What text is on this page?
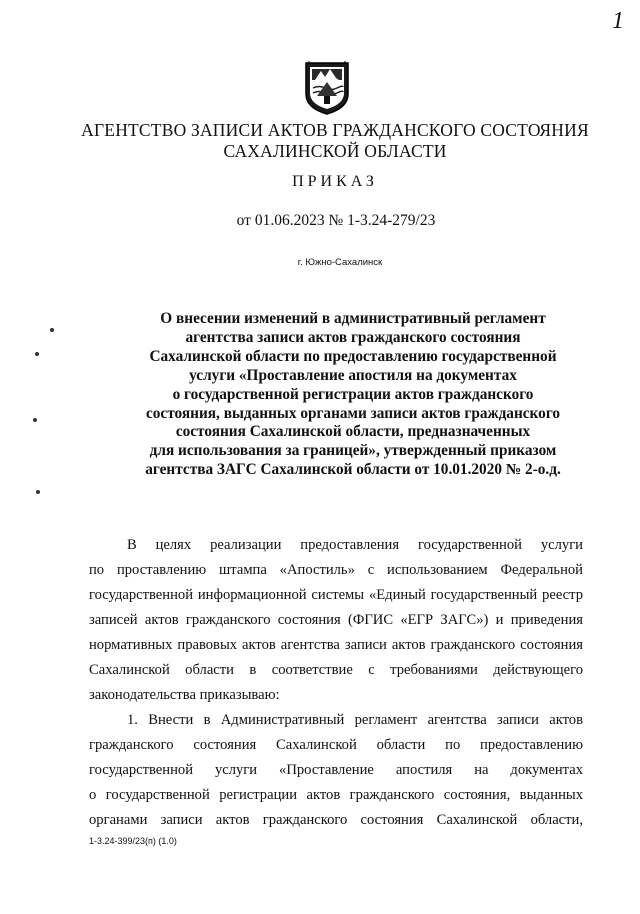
1
АГЕНТСТВО ЗАПИСИ АКТОВ ГРАЖДАНСКОГО СОСТОЯНИЯ
САХАЛИНСКОЙ ОБЛАСТИ
ПРИКАЗ
от 01.06.2023 № 1-3.24-279/23
г. Южно-Сахалинск
О внесении изменений в административный регламент
агентства записи актов гражданского состояния
Сахалинской области по предоставлению государственной
услуги «Проставление апостиля на документах
о государственной регистрации актов гражданского
состояния, выданных органами записи актов гражданского
состояния Сахалинской области, предназначенных
для использования за границей», утвержденный приказом
агентства ЗАГС Сахалинской области от 10.01.2020 № 2-о.д.
В целях реализации предоставления государственной услуги
по проставлению штампа «Апостиль» с использованием Федеральной
государственной информационной системы «Единый государственный реестр
записей актов гражданского состояния (ФГИС «ЕГР ЗАГС») и приведения
нормативных правовых актов агентства записи актов гражданского состояния
Сахалинской области в соответствие с требованиями действующего
законодательства приказываю:
1. Внести в Административный регламент агентства записи актов
гражданского состояния Сахалинской области по предоставлению
государственной услуги «Проставление апостиля на документах
о государственной регистрации актов гражданского состояния, выданных
органами записи актов гражданского состояния Сахалинской области,
1-3.24-399/23(п) (1.0)
